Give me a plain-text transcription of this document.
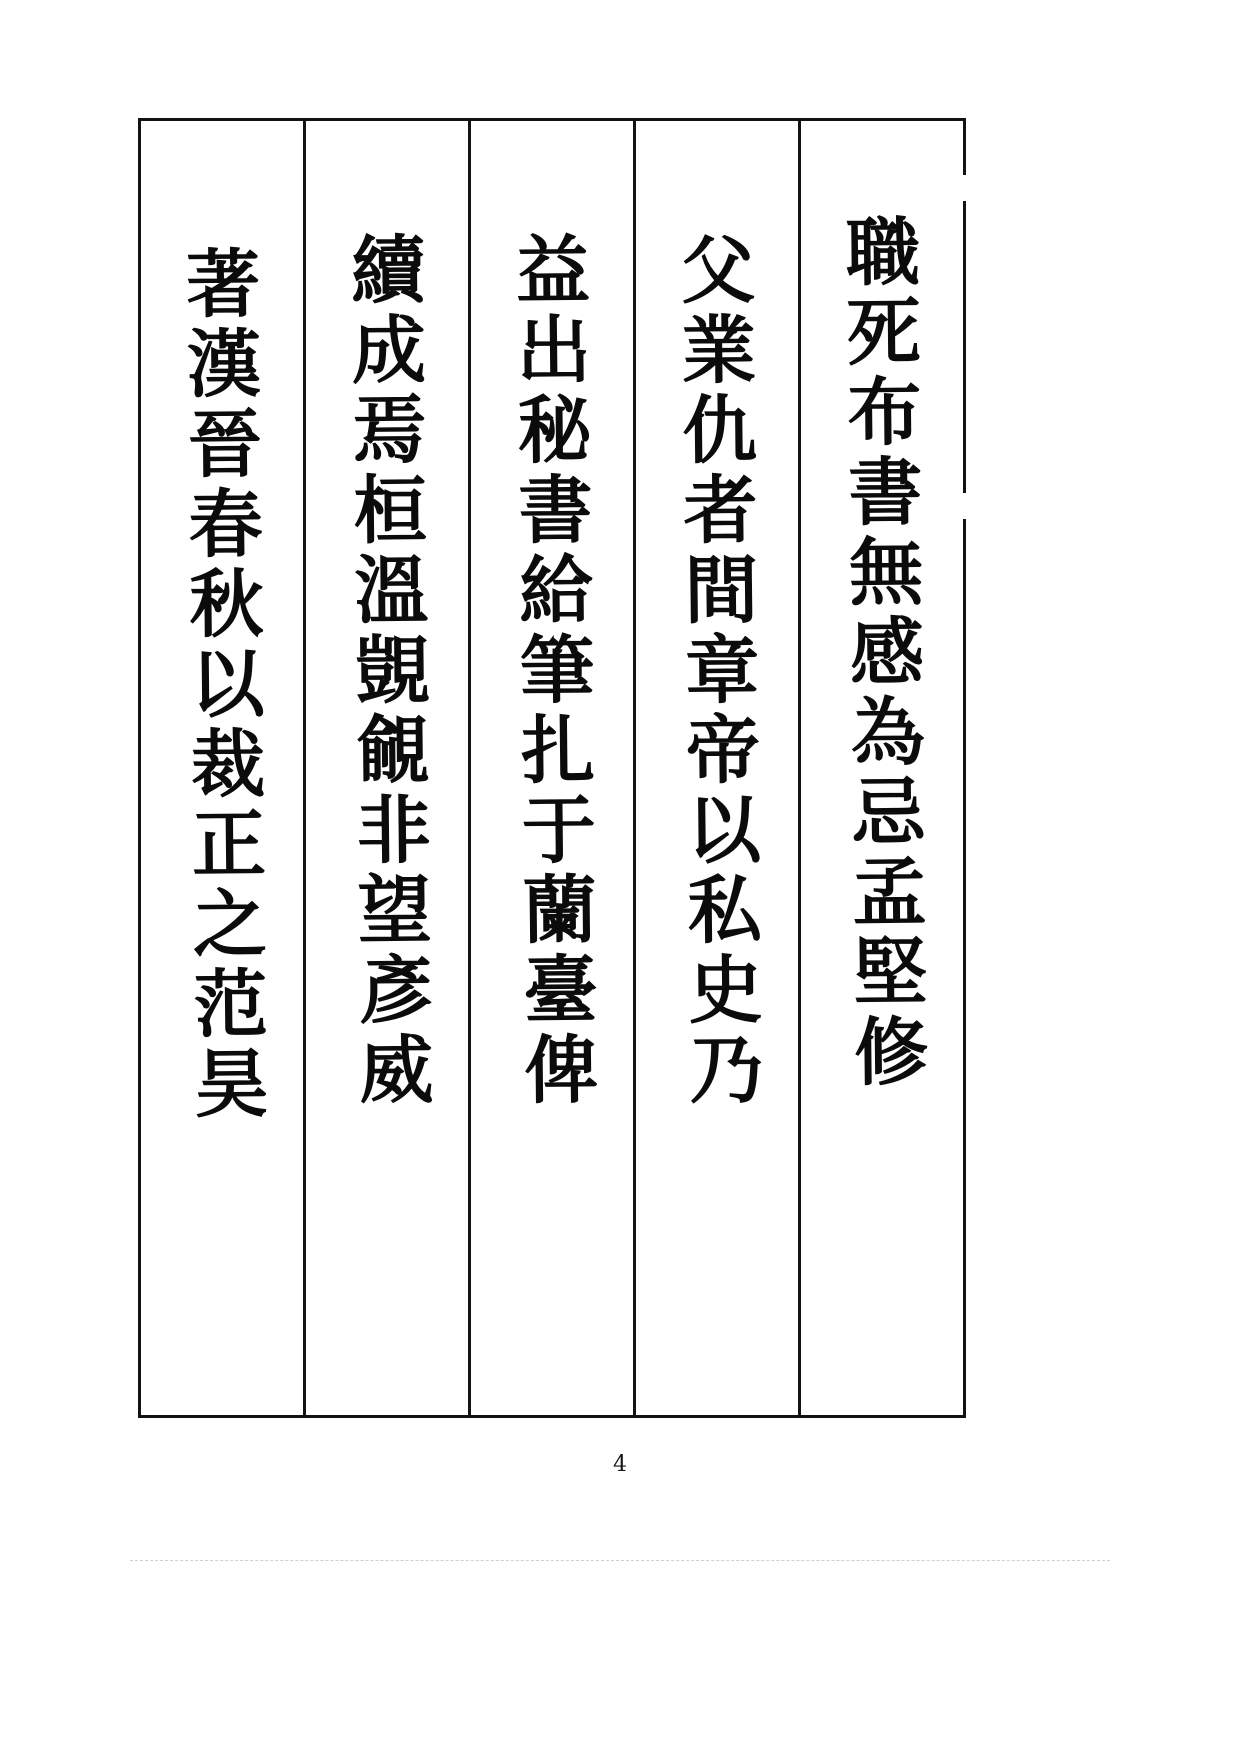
職死布書無感為忌孟堅修
父業仇者間章帝以私史乃
益出秘書給筆扎于蘭臺俾
續成焉桓溫覬覦非望彥威
著漢晉春秋以裁正之范昊
4
